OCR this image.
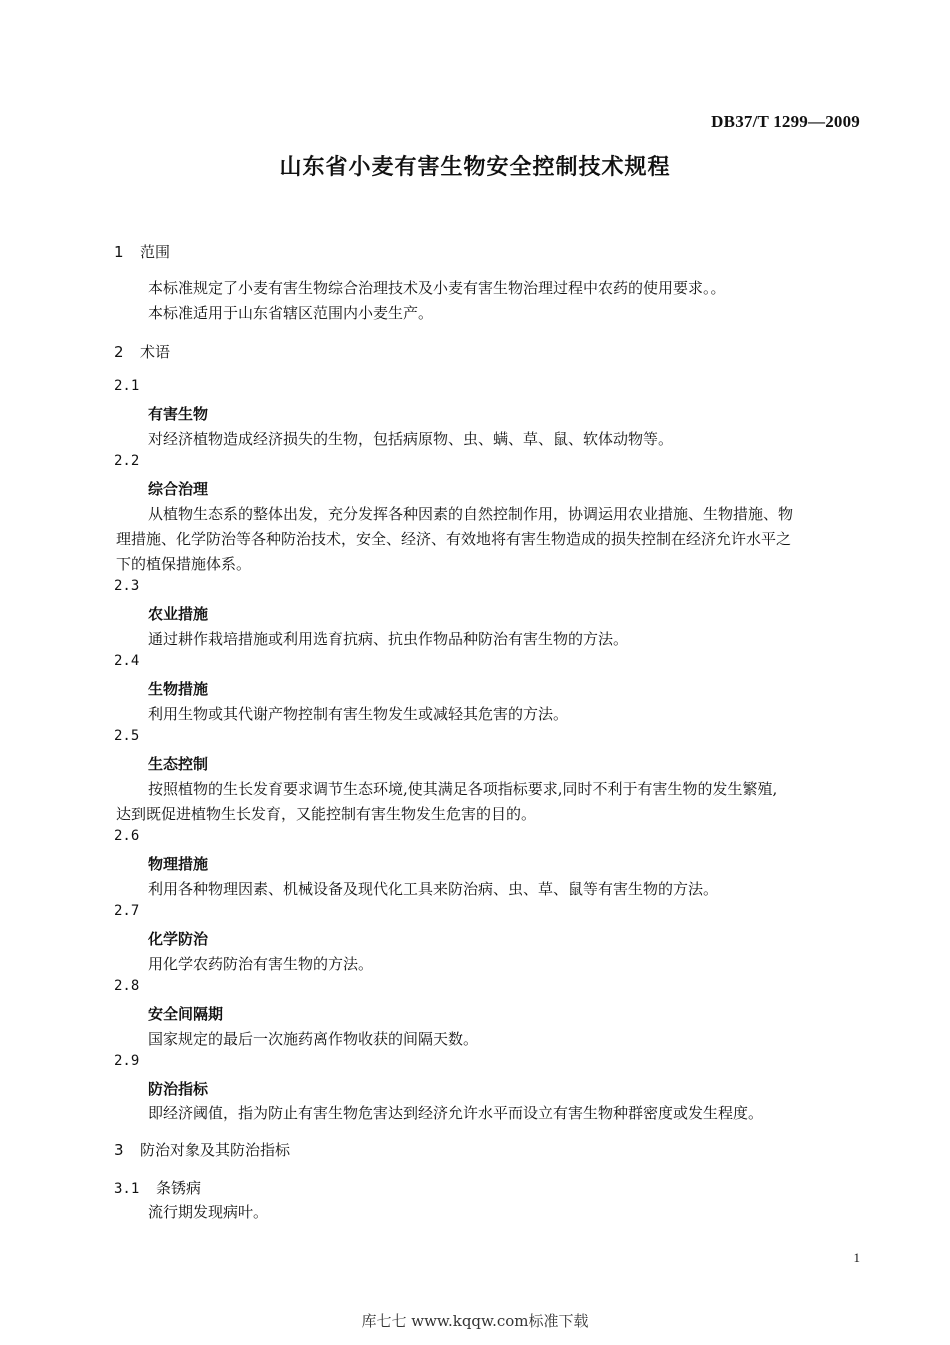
DB37/T 1299—2009
山东省小麦有害生物安全控制技术规程
1 范围
本标准规定了小麦有害生物综合治理技术及小麦有害生物治理过程中农药的使用要求。。
本标准适用于山东省辖区范围内小麦生产。
2 术语
2.1
有害生物
对经济植物造成经济损失的生物，包括病原物、虫、螨、草、鼠、软体动物等。
2.2
综合治理
从植物生态系的整体出发，充分发挥各种因素的自然控制作用，协调运用农业措施、生物措施、物
理措施、化学防治等各种防治技术，安全、经济、有效地将有害生物造成的损失控制在经济允许水平之
下的植保措施体系。
2.3
农业措施
通过耕作栽培措施或利用选育抗病、抗虫作物品种防治有害生物的方法。
2.4
生物措施
利用生物或其代谢产物控制有害生物发生或减轻其危害的方法。
2.5
生态控制
按照植物的生长发育要求调节生态环境,使其满足各项指标要求,同时不利于有害生物的发生繁殖,
达到既促进植物生长发育，又能控制有害生物发生危害的目的。
2.6
物理措施
利用各种物理因素、机械设备及现代化工具来防治病、虫、草、鼠等有害生物的方法。
2.7
化学防治
用化学农药防治有害生物的方法。
2.8
安全间隔期
国家规定的最后一次施药离作物收获的间隔天数。
2.9
防治指标
即经济阈值，指为防止有害生物危害达到经济允许水平而设立有害生物种群密度或发生程度。
3 防治对象及其防治指标
3.1 条锈病
流行期发现病叶。
1
库七七 www.kqqw.com标准下载
